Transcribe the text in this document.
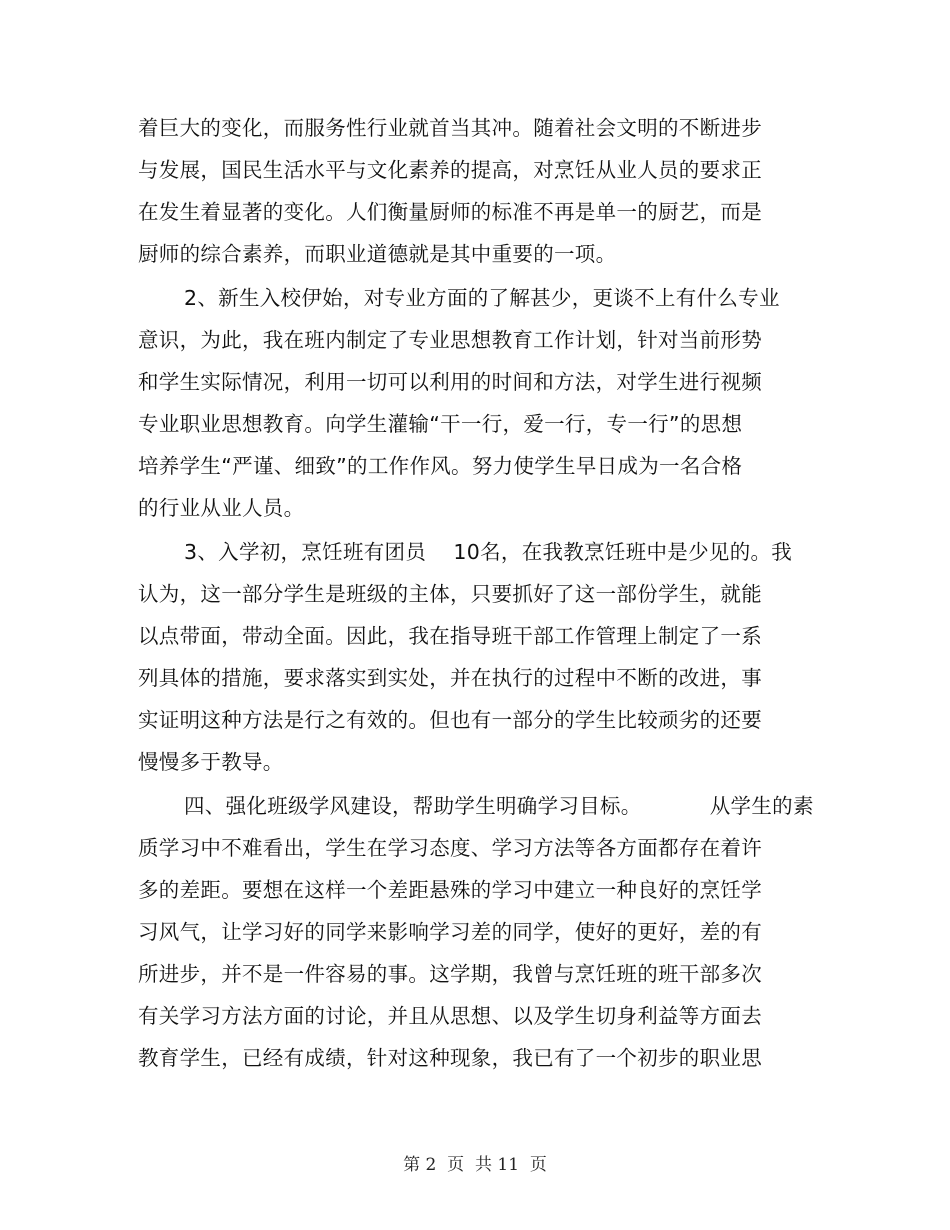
着巨大的变化，而服务性行业就首当其冲。随着社会文明的不断进步
与发展，国民生活水平与文化素养的提高，对烹饪从业人员的要求正
在发生着显著的变化。人们衡量厨师的标准不再是单一的厨艺，而是
厨师的综合素养，而职业道德就是其中重要的一项。
2、新生入校伊始，对专业方面的了解甚少，更谈不上有什么专业
意识，为此，我在班内制定了专业思想教育工作计划，针对当前形势
和学生实际情况，利用一切可以利用的时间和方法，对学生进行视频
专业职业思想教育。向学生灌输“干一行，爱一行，专一行”的思想
培养学生“严谨、细致”的工作作风。努力使学生早日成为一名合格
的行业从业人员。
3、入学初，烹饪班有团员    10名，在我教烹饪班中是少见的。我
认为，这一部分学生是班级的主体，只要抓好了这一部份学生，就能
以点带面，带动全面。因此，我在指导班干部工作管理上制定了一系
列具体的措施，要求落实到实处，并在执行的过程中不断的改进，事
实证明这种方法是行之有效的。但也有一部分的学生比较顽劣的还要
慢慢多于教导。
四、强化班级学风建设，帮助学生明确学习目标。          从学生的素
质学习中不难看出，学生在学习态度、学习方法等各方面都存在着许
多的差距。要想在这样一个差距悬殊的学习中建立一种良好的烹饪学
习风气，让学习好的同学来影响学习差的同学，使好的更好，差的有
所进步，并不是一件容易的事。这学期，我曾与烹饪班的班干部多次
有关学习方法方面的讨论，并且从思想、以及学生切身利益等方面去
教育学生，已经有成绩，针对这种现象，我已有了一个初步的职业思
第 2  页  共 11  页
